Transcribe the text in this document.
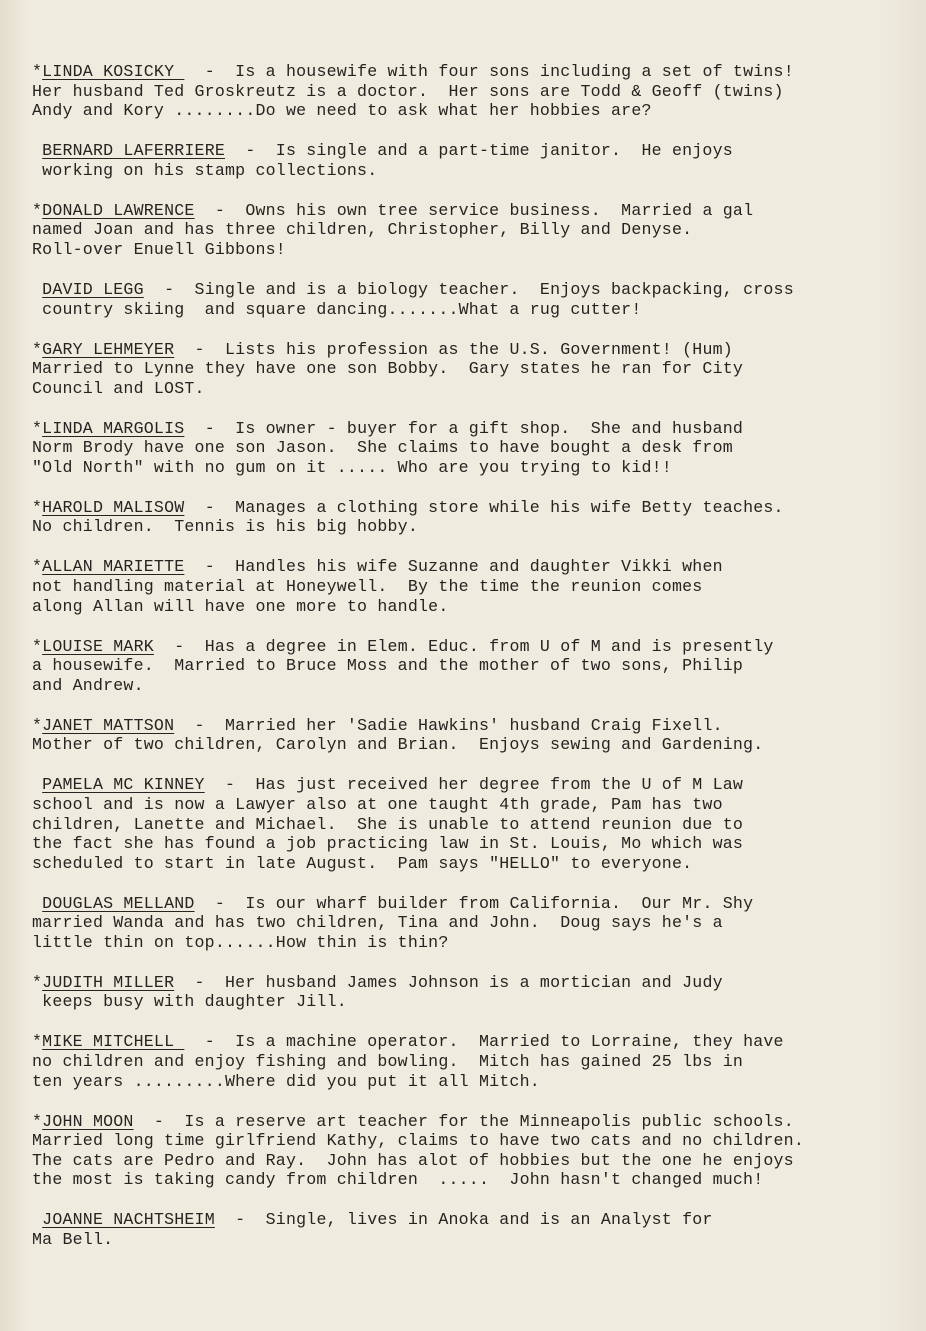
*LINDA KOSICKY   -  Is a housewife with four sons including a set of twins!
Her husband Ted Groskreutz is a doctor.  Her sons are Todd & Geoff (twins)
Andy and Kory ........Do we need to ask what her hobbies are?
BERNARD LAFERRIERE  -  Is single and a part-time janitor.  He enjoys
working on his stamp collections.
*DONALD LAWRENCE  -  Owns his own tree service business.  Married a gal
named Joan and has three children, Christopher, Billy and Denyse.
Roll-over Enuell Gibbons!
DAVID LEGG  -  Single and is a biology teacher.  Enjoys backpacking, cross
country skiing  and square dancing.......What a rug cutter!
*GARY LEHMEYER  -  Lists his profession as the U.S. Government! (Hum)
Married to Lynne they have one son Bobby.  Gary states he ran for City
Council and LOST.
*LINDA MARGOLIS  -  Is owner - buyer for a gift shop.  She and husband
Norm Brody have one son Jason.  She claims to have bought a desk from
"Old North" with no gum on it ..... Who are you trying to kid!!
*HAROLD MALISOW  -  Manages a clothing store while his wife Betty teaches.
No children.  Tennis is his big hobby.
*ALLAN MARIETTE  -  Handles his wife Suzanne and daughter Vikki when
not handling material at Honeywell.  By the time the reunion comes
along Allan will have one more to handle.
*LOUISE MARK  -  Has a degree in Elem. Educ. from U of M and is presently
a housewife.  Married to Bruce Moss and the mother of two sons, Philip
and Andrew.
*JANET MATTSON  -  Married her 'Sadie Hawkins' husband Craig Fixell.
Mother of two children, Carolyn and Brian.  Enjoys sewing and Gardening.
PAMELA MC KINNEY  -  Has just received her degree from the U of M Law
school and is now a Lawyer also at one taught 4th grade, Pam has two
children, Lanette and Michael.  She is unable to attend reunion due to
the fact she has found a job practicing law in St. Louis, Mo which was
scheduled to start in late August.  Pam says "HELLO" to everyone.
DOUGLAS MELLAND  -  Is our wharf builder from California.  Our Mr. Shy
married Wanda and has two children, Tina and John.  Doug says he's a
little thin on top......How thin is thin?
*JUDITH MILLER  -  Her husband James Johnson is a mortician and Judy
keeps busy with daughter Jill.
*MIKE MITCHELL   -  Is a machine operator.  Married to Lorraine, they have
no children and enjoy fishing and bowling.  Mitch has gained 25 lbs in
ten years .........Where did you put it all Mitch.
*JOHN MOON  -  Is a reserve art teacher for the Minneapolis public schools.
Married long time girlfriend Kathy, claims to have two cats and no children.
The cats are Pedro and Ray.  John has alot of hobbies but the one he enjoys
the most is taking candy from children  .....  John hasn't changed much!
JOANNE NACHTSHEIM  -  Single, lives in Anoka and is an Analyst for
Ma Bell.
